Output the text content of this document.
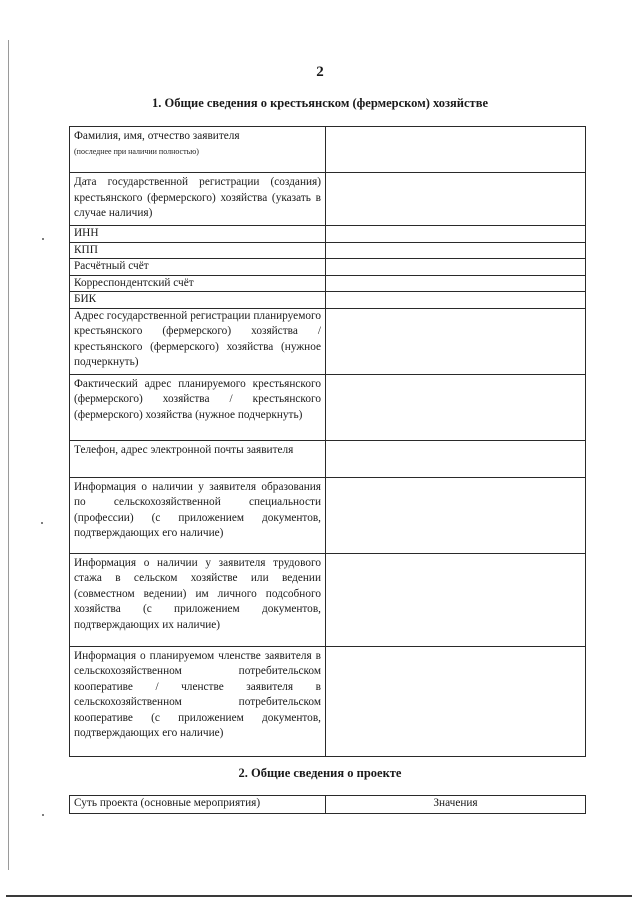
2
1. Общие сведения о крестьянском (фермерском) хозяйстве
Фамилия, имя, отчество заявителя
(последнее при наличии полностью)	

Дата государственной регистрации (создания) крестьянского (фермерского) хозяйства (указать в случае наличия)	
ИНН	
КПП	
Расчётный счёт	
Корреспондентский счёт	
БИК	
Адрес государственной регистрации планируемого крестьянского (фермерского) хозяйства / крестьянского (фермерского) хозяйства (нужное подчеркнуть)	
Фактический адрес планируемого крестьянского (фермерского) хозяйства / крестьянского (фермерского) хозяйства (нужное подчеркнуть)	
Телефон, адрес электронной почты заявителя	
Информация о наличии у заявителя образования по сельскохозяйственной специальности (профессии) (с приложением документов, подтверждающих его наличие)	
Информация о наличии у заявителя трудового стажа в сельском хозяйстве или ведении (совместном ведении) им личного подсобного хозяйства (с приложением документов, подтверждающих их наличие)	
Информация о планируемом членстве заявителя в сельскохозяйственном потребительском кооперативе / членстве заявителя в сельскохозяйственном потребительском кооперативе (с приложением документов, подтверждающих его наличие)	
2. Общие сведения о проекте
Суть проекта (основные мероприятия)	Значения
